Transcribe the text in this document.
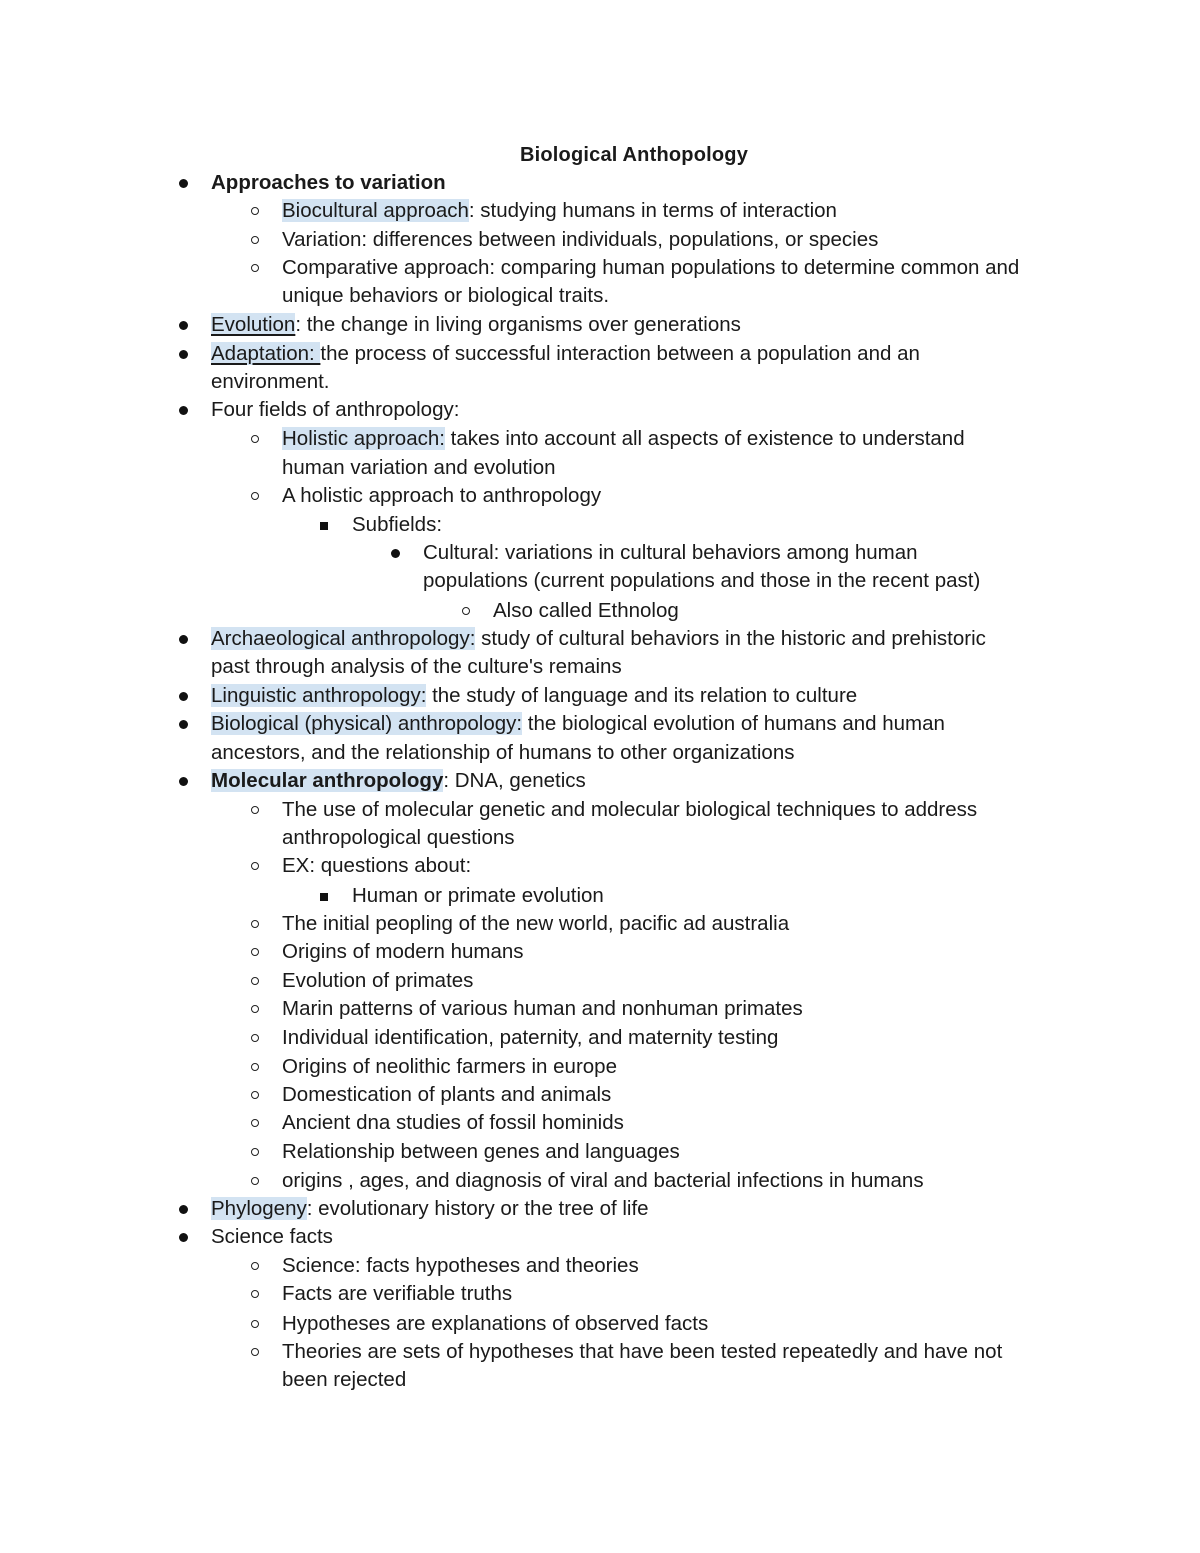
Biological Anthopology
Approaches to variation
Biocultural approach: studying humans in terms of interaction
Variation: differences between individuals, populations, or species
Comparative approach: comparing human populations to determine common and
unique behaviors or biological traits.
Evolution: the change in living organisms over generations
Adaptation: the process of successful interaction between a population and an
environment.
Four fields of anthropology:
Holistic approach: takes into account all aspects of existence to understand
human variation and evolution
A holistic approach to anthropology
Subfields:
Cultural: variations in cultural behaviors among human
populations (current populations and those in the recent past)
Also called Ethnolog
Archaeological anthropology: study of cultural behaviors in the historic and prehistoric
past through analysis of the culture's remains
Linguistic anthropology: the study of language and its relation to culture
Biological (physical) anthropology: the biological evolution of humans and human
ancestors, and the relationship of humans to other organizations
Molecular anthropology: DNA, genetics
The use of molecular genetic and molecular biological techniques to address
anthropological questions
EX: questions about:
Human or primate evolution
The initial peopling of the new world, pacific ad australia
Origins of modern humans
Evolution of primates
Marin patterns of various human and nonhuman primates
Individual identification, paternity, and maternity testing
Origins of neolithic farmers in europe
Domestication of plants and animals
Ancient dna studies of fossil hominids
Relationship between genes and languages
origins , ages, and diagnosis of viral and bacterial infections in humans
Phylogeny: evolutionary history or the tree of life
Science facts
Science: facts hypotheses and theories
Facts are verifiable truths
Hypotheses are explanations of observed facts
Theories are sets of hypotheses that have been tested repeatedly and have not
been rejected
